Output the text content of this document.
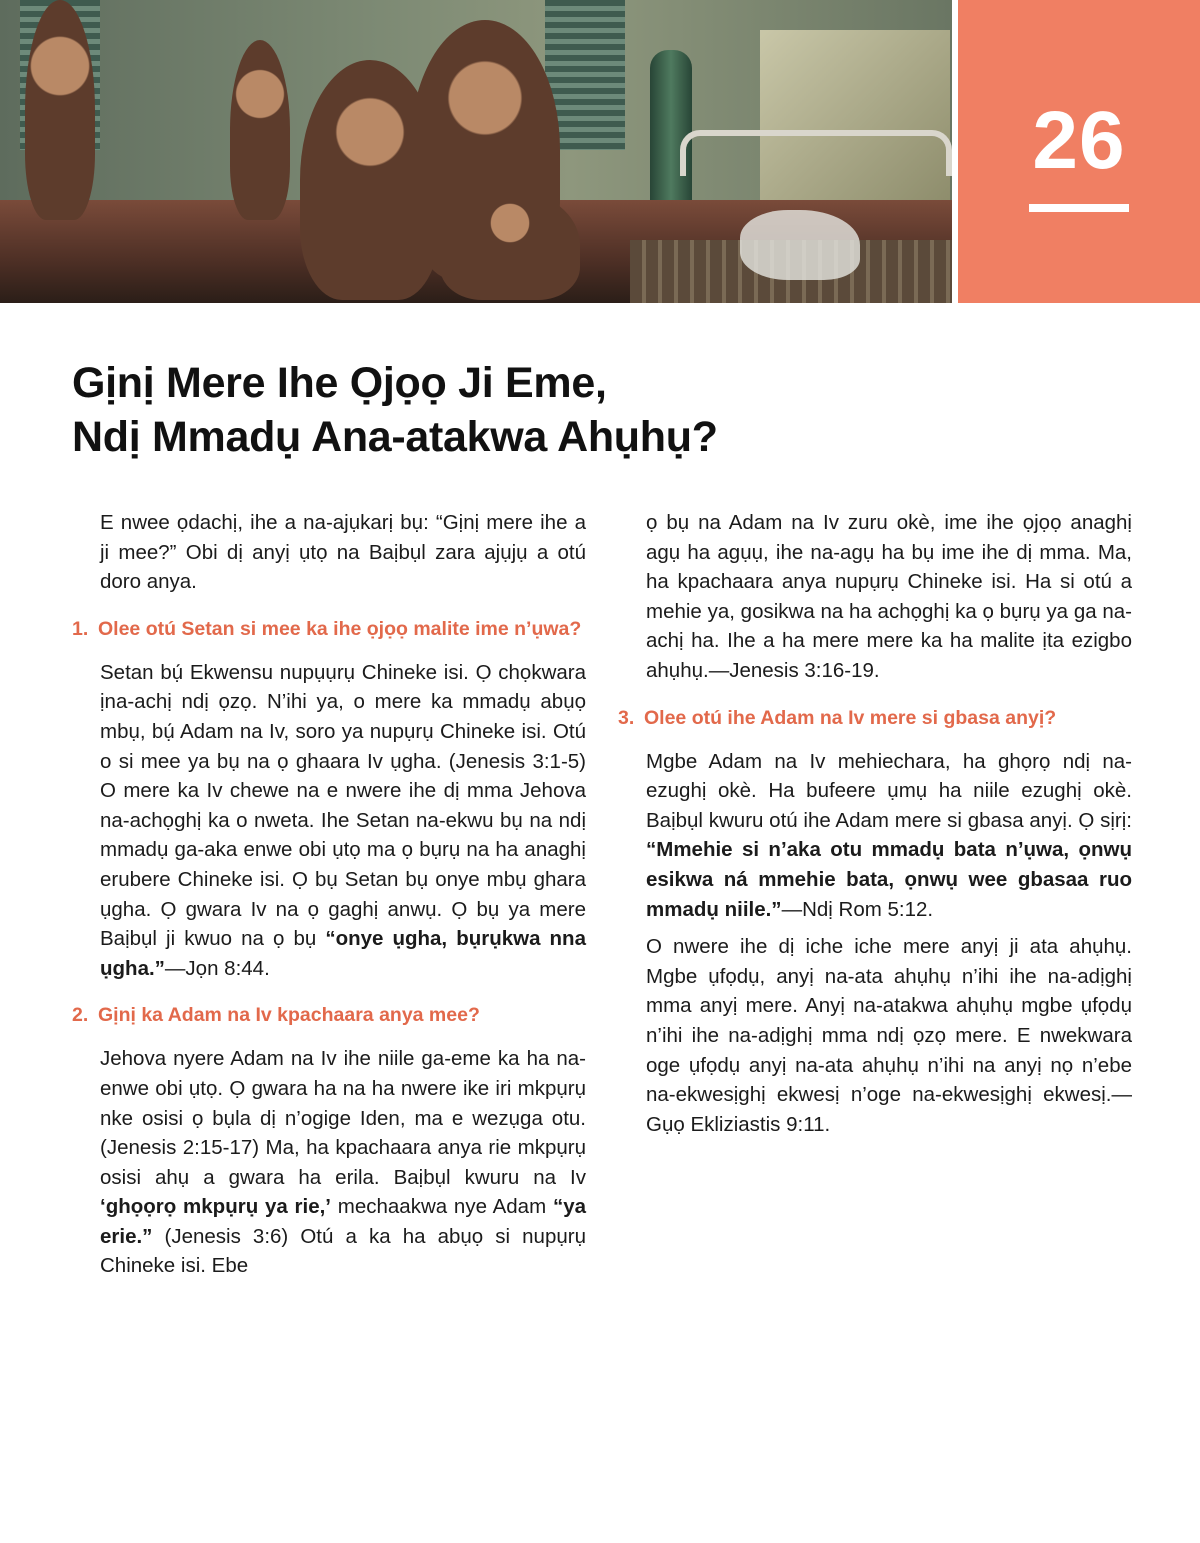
26
Gịnị Mere Ihe Ọjọọ Ji Eme,
Ndị Mmadụ Ana-atakwa Ahụhụ?

E nwee ọdachị, ihe a na-ajụkarị bụ: “Gịnị mere ihe a ji mee?” Obi dị anyị ụtọ na Baịbụl zara ajụjụ a otú doro anya.

1. Olee otú Setan si mee ka ihe ọjọọ malite ime n’ụwa?

Setan bụ́ Ekwensu nupụụrụ Chineke isi. Ọ chọkwara ịna-achị ndị ọzọ. N’ihi ya, o mere ka mmadụ abụọ mbụ, bụ́ Adam na Iv, soro ya nupụrụ Chineke isi. Otú o si mee ya bụ na ọ ghaara Iv ụgha. (Jenesis 3:1-5) O mere ka Iv chewe na e nwere ihe dị mma Jehova na-achọghị ka o nweta. Ihe Setan na-ekwu bụ na ndị mmadụ ga-aka enwe obi ụtọ ma ọ bụrụ na ha anaghị erubere Chineke isi. Ọ bụ Setan bụ onye mbụ ghara ụgha. Ọ gwara Iv na ọ gaghị anwụ. Ọ bụ ya mere Baịbụl ji kwuo na ọ bụ “onye ụgha, bụrụkwa nna ụgha.”—Jọn 8:44.

2. Gịnị ka Adam na Iv kpachaara anya mee?

Jehova nyere Adam na Iv ihe niile ga-eme ka ha na-enwe obi ụtọ. Ọ gwara ha na ha nwere ike iri mkpụrụ nke osisi ọ bụla dị n’ogige Iden, ma e wezụga otu. (Jenesis 2:15-17) Ma, ha kpachaara anya rie mkpụrụ osisi ahụ a gwara ha erila. Baịbụl kwuru na Iv ‘ghọọrọ mkpụrụ ya rie,’ mechaakwa nye Adam “ya erie.” (Jenesis 3:6) Otú a ka ha abụọ si nupụrụ Chineke isi. Ebe

ọ bụ na Adam na Iv zuru okè, ime ihe ọjọọ anaghị agụ ha agụụ, ihe na-agụ ha bụ ime ihe dị mma. Ma, ha kpachaara anya nupụrụ Chineke isi. Ha si otú a mehie ya, gosikwa na ha achọghị ka ọ bụrụ ya ga na-achị ha. Ihe a ha mere mere ka ha malite ịta ezigbo ahụhụ.—Jenesis 3:16-19.

3. Olee otú ihe Adam na Iv mere si gbasa anyị?

Mgbe Adam na Iv mehiechara, ha ghọrọ ndị na-ezughị okè. Ha bufeere ụmụ ha niile ezughị okè. Baịbụl kwuru otú ihe Adam mere si gbasa anyị. Ọ sịrị: “Mmehie si n’aka otu mmadụ bata n’ụwa, ọnwụ esikwa ná mmehie bata, ọnwụ wee gbasaa ruo mmadụ niile.”—Ndị Rom 5:12.

O nwere ihe dị iche iche mere anyị ji ata ahụhụ. Mgbe ụfọdụ, anyị na-ata ahụhụ n’ihi ihe na-adịghị mma anyị mere. Anyị na-atakwa ahụhụ mgbe ụfọdụ n’ihi ihe na-adịghị mma ndị ọzọ mere. E nwekwara oge ụfọdụ anyị na-ata ahụhụ n’ihi na anyị nọ n’ebe na-ekwesịghị ekwesị n’oge na-ekwesịghị ekwesị.—Gụọ Ekliziastis 9:11.
